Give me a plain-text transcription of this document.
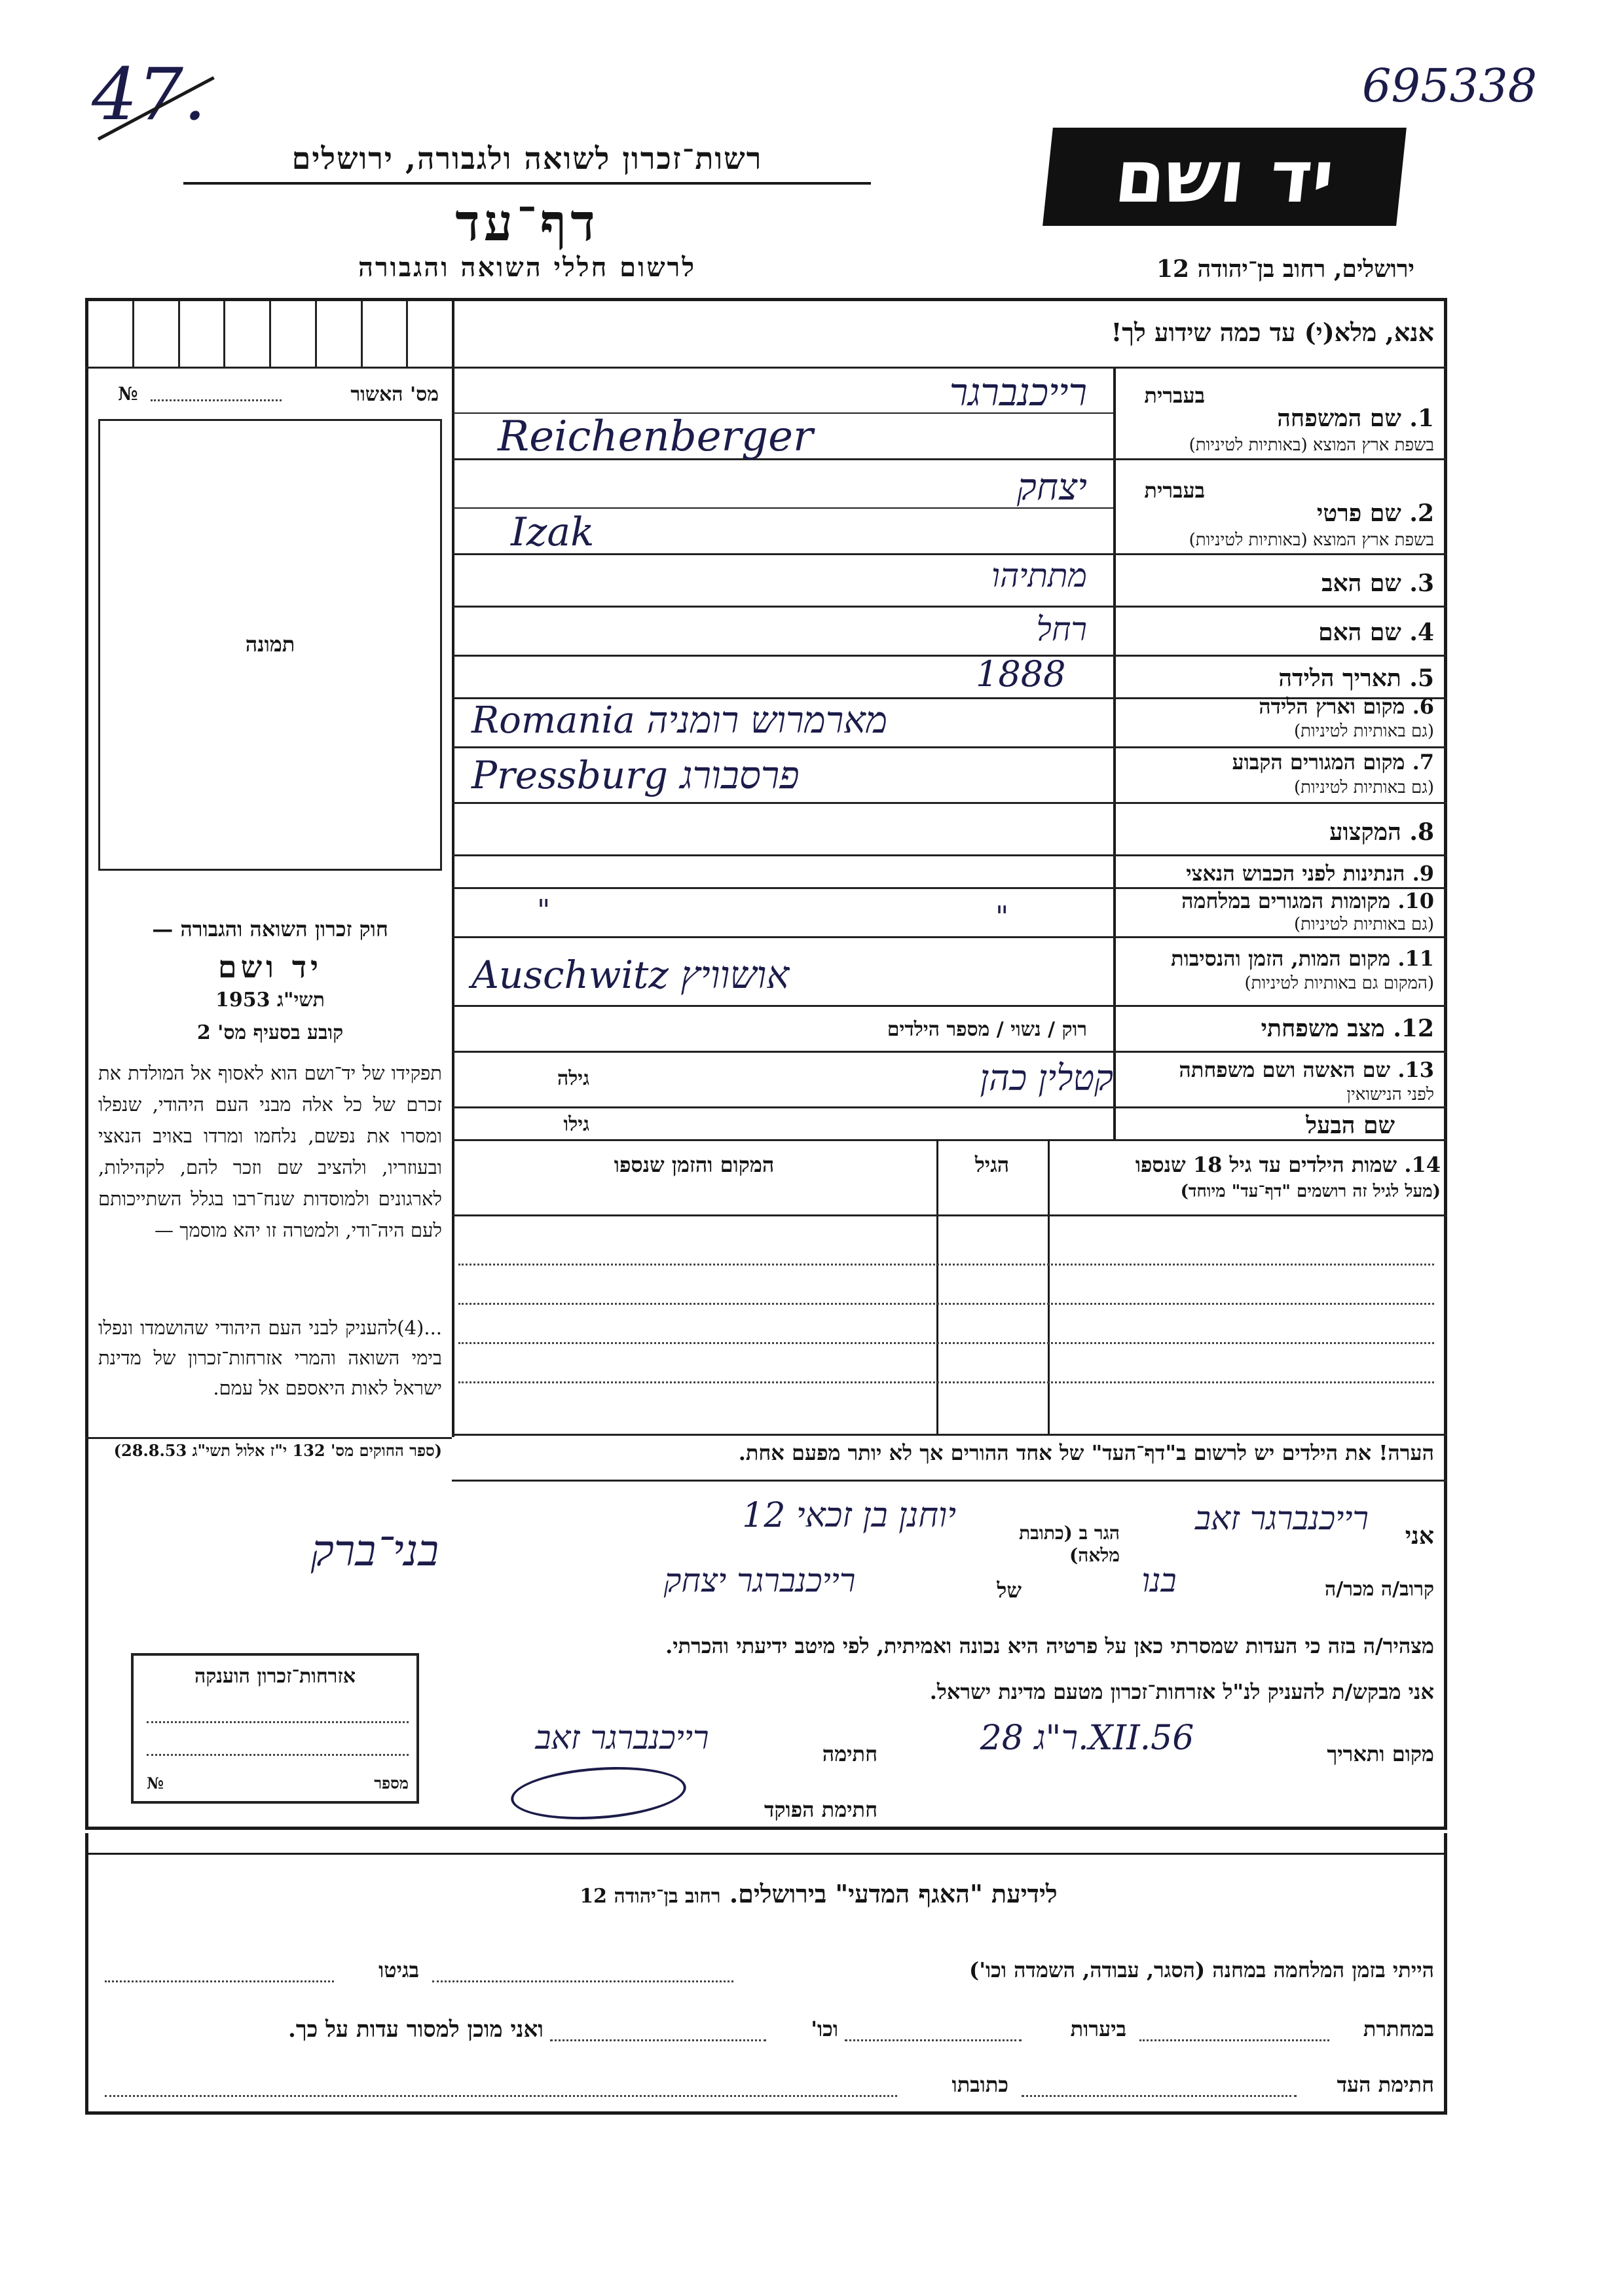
47.	695338
יד ושם
רשות־זכרון לשואה ולגבורה, ירושלים
דף־עד
לרשום חללי השואה והגבורה	ירושלים, רחוב בן־יהודה 12
אנא, מלא(י) עד כמה שידוע לך!
מס' האשור
№
תמונה
חוק זכרון השואה והגבורה —
יד ושם
1953 תשי"ג
קובע בסעיף מס' 2
תפקידו של יד־ושם הוא לאסוף אל המולדת את זכרם של כל אלה מבני העם היהודי, שנפלו ומסרו את נפשם, נלחמו ומרדו באויב הנאצי ובעוזריו, ולהציב שם וזכר להם, לקהילות, לארגונים ולמוסדות שנח־רבו בגלל השתייכותם לעם היה־ודי, ולמטרה זו יהא מוסמך —
...(4)להעניק לבני העם היהודי שהושמדו ונפלו בימי השואה והמרי אזרחות־זכרון של מדינת ישראל לאות היאספם אל עמם.
(ספר החוקים מס' 132 י"ז אלול תשי"ג 28.8.53)
בעברית
1. שם המשפחה
בשפת ארץ המוצא (באותיות לטיניות)
רייכנברגר
Reichenberger
בעברית
2. שם פרטי
בשפת ארץ המוצא (באותיות לטיניות)
יצחק
Izak
3. שם האב
מתתיהו
4. שם האם
רחל
5. תאריך הלידה
1888
6. מקום וארץ הלידה
(גם באותיות לטיניות)
Romania מארמרוש רומניה
7. מקום המגורים הקבוע
(גם באותיות לטיניות)
Pressburg פרסבורג
8. המקצוע
9. הנתינות לפני הכבוש הנאצי
10. מקומות המגורים במלחמה
(גם באותיות לטיניות)
"	"
11. מקום המות, הזמן והנסיבות
(המקום גם באותיות לטיניות)
Auschwitz אושוויץ
12. מצב משפחתי
רוק / נשוי / מספר הילדים
13. שם האשה ושם משפחתה
לפני הנישואין
קטלין כהן
גילה
שם הבעל
גילו
14. שמות הילדים עד גיל 18 שנספו
(מעל לגיל זה רושמים "דף־עד" מיוחד)
הגיל
המקום והזמן שנספו
הערה! את הילדים יש לרשום ב"דף־העד" של אחד ההורים אך לא יותר מפעם אחת.
אני
רייכנברגר זאב
הגר ב (כתובת מלאה)
יוחנן בן זכאי 12
בני־ברק
קרוב/ה מכר/ה
בנו
של
רייכנברגר יצחק
מצהיר/ה בזה כי העדות שמסרתי כאן על פרטיה היא נכונה ואמיתית, לפי מיטב ידיעתי והכרתי.
אני מבקש/ת להעניק לנ"ל אזרחות־זכרון מטעם מדינת ישראל.
מקום ותאריך
ר"ג 28.XII.56
חתימה
רייכנברגר זאב
חתימת הפוקד
אזרחות־זכרון הוענקה
מספר
№
לידיעת "האגף המדעי" בירושלים. רחוב בן־יהודה 12
הייתי בזמן המלחמה במחנה (הסגר, עבודה, השמדה וכו')
בגיטו
במחתרת
ביערות
וכו'
ואני מוכן למסור עדות על כך.
חתימת העד
כתובתו
